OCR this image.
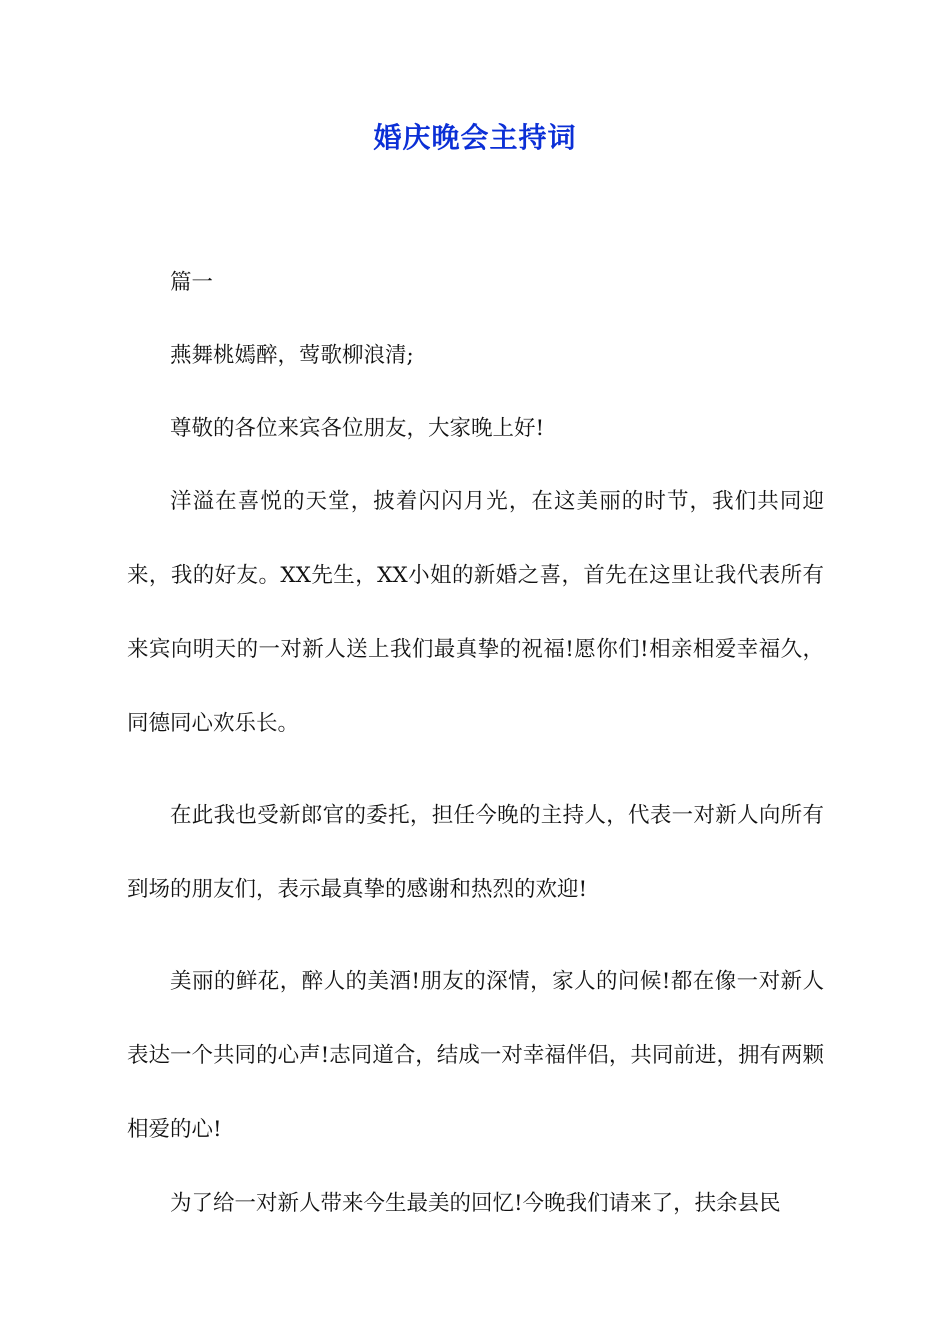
婚庆晚会主持词

篇一

燕舞桃嫣醉，莺歌柳浪清;

尊敬的各位来宾各位朋友，大家晚上好!

洋溢在喜悦的天堂，披着闪闪月光，在这美丽的时节，我们共同迎来，我的好友。XX先生，XX小姐的新婚之喜，首先在这里让我代表所有来宾向明天的一对新人送上我们最真挚的祝福!愿你们!相亲相爱幸福久，同德同心欢乐长。

在此我也受新郎官的委托，担任今晚的主持人，代表一对新人向所有到场的朋友们，表示最真挚的感谢和热烈的欢迎!

美丽的鲜花，醉人的美酒!朋友的深情，家人的问候!都在像一对新人表达一个共同的心声!志同道合，结成一对幸福伴侣，共同前进，拥有两颗相爱的心!

为了给一对新人带来今生最美的回忆!今晚我们请来了，扶余县民
